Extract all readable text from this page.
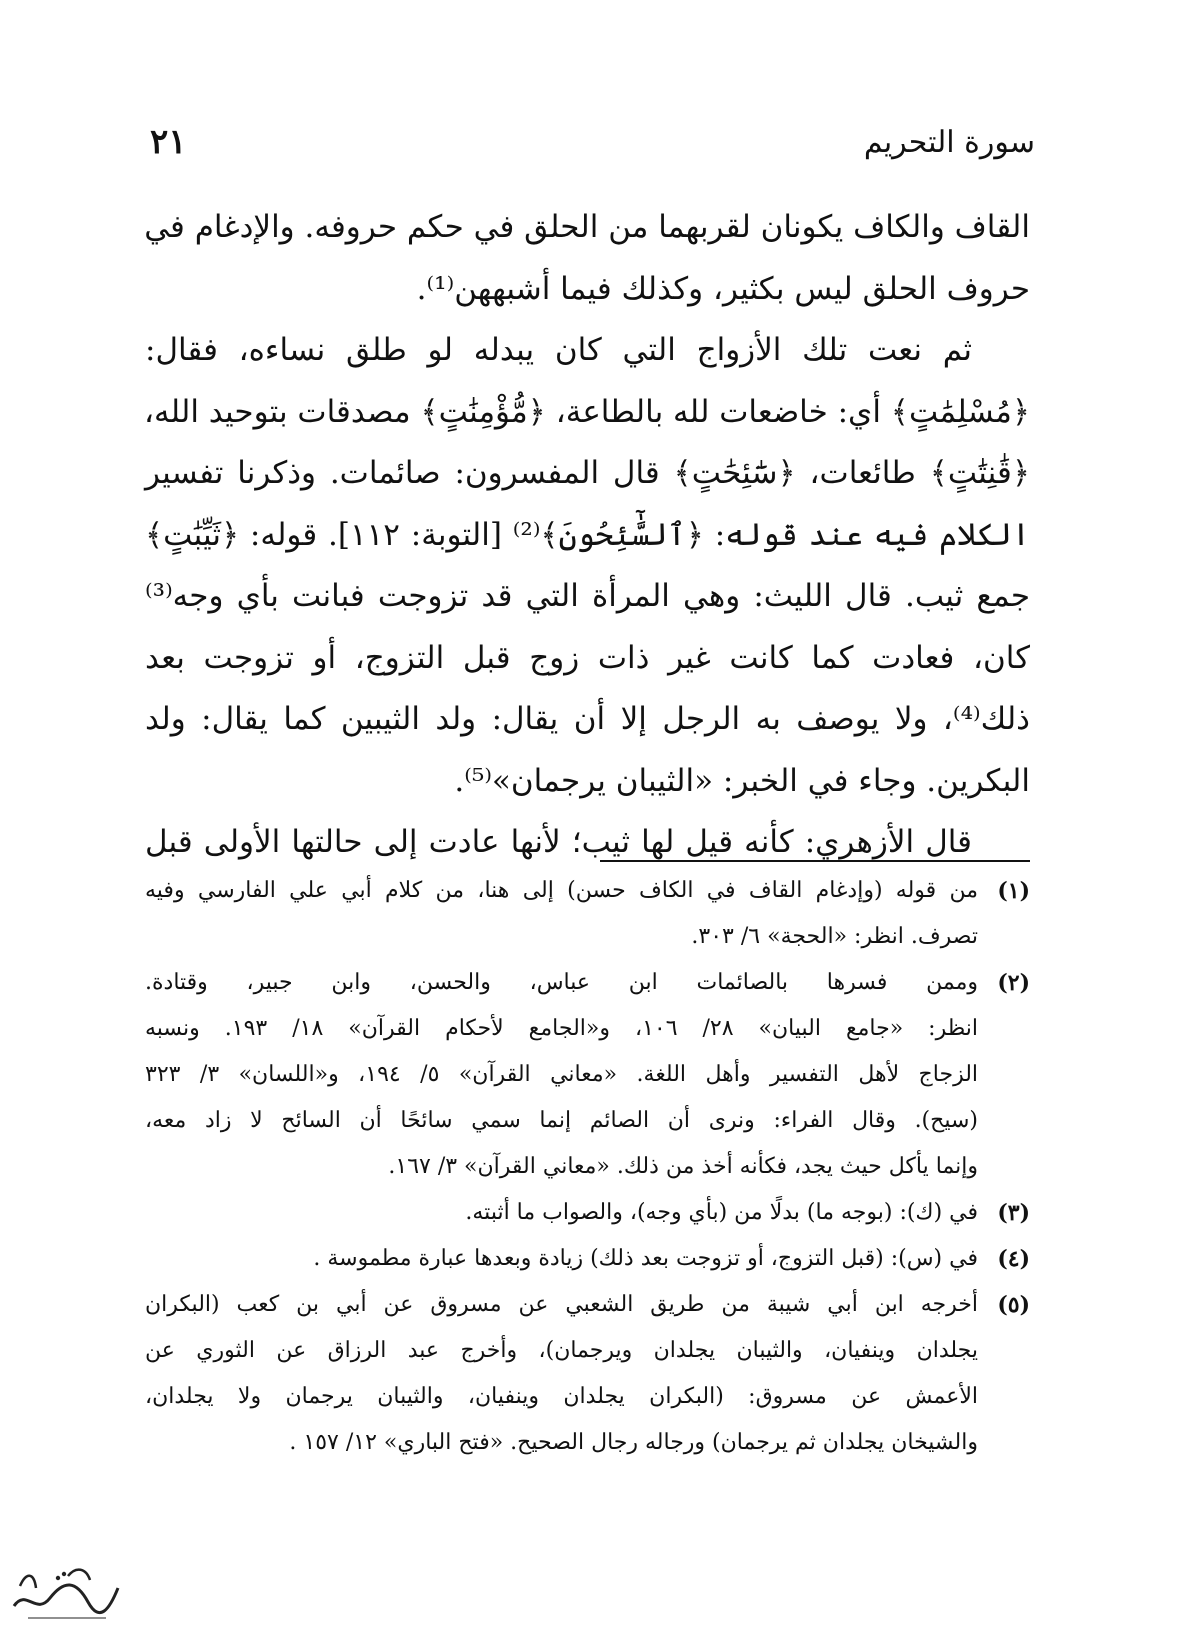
سورة التحريم
٢١
القاف والكاف يكونان لقربهما من الحلق في حكم حروفه. والإدغام في
حروف الحلق ليس بكثير، وكذلك فيما أشبههن⁽¹⁾.
ثم نعت تلك الأزواج التي كان يبدله لو طلق نساءه، فقال:
﴿مُسْلِمَٰتٍ﴾ أي: خاضعات لله بالطاعة، ﴿مُّؤْمِنَٰتٍ﴾ مصدقات بتوحيد الله،
﴿قَٰنِتَٰتٍ﴾ طائعات، ﴿سَٰٓئِحَٰتٍ﴾ قال المفسرون: صائمات. وذكرنا تفسير
الكلام فيه عند قوله: ﴿ٱلسَّٰٓئِحُونَ﴾⁽²⁾ [التوبة: ١١٢]. قوله: ﴿ثَيِّبَٰتٍ﴾
جمع ثيب. قال الليث: وهي المرأة التي قد تزوجت فبانت بأي وجه⁽³⁾
كان، فعادت كما كانت غير ذات زوج قبل التزوج، أو تزوجت بعد
ذلك⁽⁴⁾، ولا يوصف به الرجل إلا أن يقال: ولد الثيبين كما يقال: ولد
البكرين. وجاء في الخبر: «الثيبان يرجمان»⁽⁵⁾.
قال الأزهري: كأنه قيل لها ثيب؛ لأنها عادت إلى حالتها الأولى قبل
(١)
من قوله (وإدغام القاف في الكاف حسن) إلى هنا، من كلام أبي علي الفارسي وفيه
تصرف. انظر: «الحجة» ٦/ ٣٠٣.
(٢)
وممن فسرها بالصائمات ابن عباس، والحسن، وابن جبير، وقتادة.
انظر: «جامع البيان» ٢٨/ ١٠٦، و«الجامع لأحكام القرآن» ١٨/ ١٩٣. ونسبه
الزجاج لأهل التفسير وأهل اللغة. «معاني القرآن» ٥/ ١٩٤، و«اللسان» ٣/ ٣٢٣
(سيح). وقال الفراء: ونرى أن الصائم إنما سمي سائحًا أن السائح لا زاد معه،
وإنما يأكل حيث يجد، فكأنه أخذ من ذلك. «معاني القرآن» ٣/ ١٦٧.
(٣)
في (ك): (بوجه ما) بدلًا من (بأي وجه)، والصواب ما أثبته.
(٤)
في (س): (قبل التزوج، أو تزوجت بعد ذلك) زيادة وبعدها عبارة مطموسة .
(٥)
أخرجه ابن أبي شيبة من طريق الشعبي عن مسروق عن أبي بن كعب (البكران
يجلدان وينفيان، والثيبان يجلدان ويرجمان)، وأخرج عبد الرزاق عن الثوري عن
الأعمش عن مسروق: (البكران يجلدان وينفيان، والثيبان يرجمان ولا يجلدان،
والشيخان يجلدان ثم يرجمان) ورجاله رجال الصحيح. «فتح الباري» ١٢/ ١٥٧ .
